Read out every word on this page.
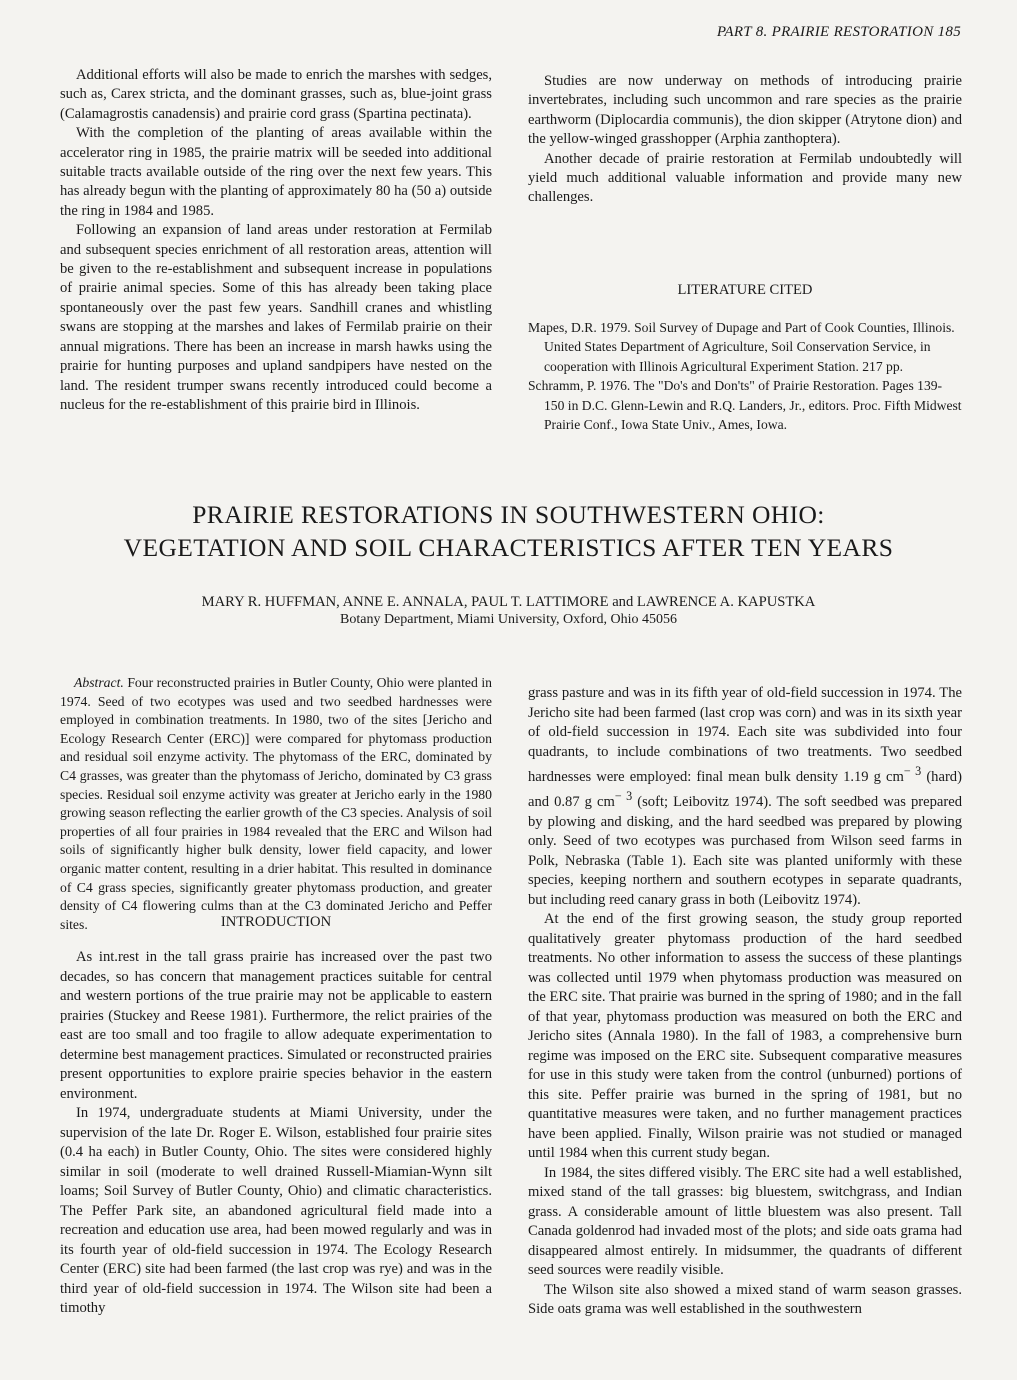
PART 8. PRAIRIE RESTORATION 185

Additional efforts will also be made to enrich the marshes with sedges, such as, Carex stricta, and the dominant grasses, such as, blue-joint grass (Calamagrostis canadensis) and prairie cord grass (Spartina pectinata).

With the completion of the planting of areas available within the accelerator ring in 1985, the prairie matrix will be seeded into additional suitable tracts available outside of the ring over the next few years. This has already begun with the planting of approximately 80 ha (50 a) outside the ring in 1984 and 1985.

Following an expansion of land areas under restoration at Fermilab and subsequent species enrichment of all restoration areas, attention will be given to the re-establishment and subsequent increase in populations of prairie animal species. Some of this has already been taking place spontaneously over the past few years. Sandhill cranes and whistling swans are stopping at the marshes and lakes of Fermilab prairie on their annual migrations. There has been an increase in marsh hawks using the prairie for hunting purposes and upland sandpipers have nested on the land. The resident trumper swans recently introduced could become a nucleus for the re-establishment of this prairie bird in Illinois.

Studies are now underway on methods of introducing prairie invertebrates, including such uncommon and rare species as the prairie earthworm (Diplocardia communis), the dion skipper (Atrytone dion) and the yellow-winged grasshopper (Arphia zanthoptera).

Another decade of prairie restoration at Fermilab undoubtedly will yield much additional valuable information and provide many new challenges.

LITERATURE CITED

Mapes, D.R. 1979. Soil Survey of Dupage and Part of Cook Counties, Illinois. United States Department of Agriculture, Soil Conservation Service, in cooperation with Illinois Agricultural Experiment Station. 217 pp.

Schramm, P. 1976. The "Do's and Don'ts" of Prairie Restoration. Pages 139-150 in D.C. Glenn-Lewin and R.Q. Landers, Jr., editors. Proc. Fifth Midwest Prairie Conf., Iowa State Univ., Ames, Iowa.

PRAIRIE RESTORATIONS IN SOUTHWESTERN OHIO:
VEGETATION AND SOIL CHARACTERISTICS AFTER TEN YEARS
MARY R. HUFFMAN, ANNE E. ANNALA, PAUL T. LATTIMORE and LAWRENCE A. KAPUSTKA
Botany Department, Miami University, Oxford, Ohio 45056

Abstract. Four reconstructed prairies in Butler County, Ohio were planted in 1974. Seed of two ecotypes was used and two seedbed hardnesses were employed in combination treatments. In 1980, two of the sites [Jericho and Ecology Research Center (ERC)] were compared for phytomass production and residual soil enzyme activity. The phytomass of the ERC, dominated by C4 grasses, was greater than the phytomass of Jericho, dominated by C3 grass species. Residual soil enzyme activity was greater at Jericho early in the 1980 growing season reflecting the earlier growth of the C3 species. Analysis of soil properties of all four prairies in 1984 revealed that the ERC and Wilson had soils of significantly higher bulk density, lower field capacity, and lower organic matter content, resulting in a drier habitat. This resulted in dominance of C4 grass species, significantly greater phytomass production, and greater density of C4 flowering culms than at the C3 dominated Jericho and Peffer sites.	INTRODUCTION

As int.rest in the tall grass prairie has increased over the past two decades, so has concern that management practices suitable for central and western portions of the true prairie may not be applicable to eastern prairies (Stuckey and Reese 1981). Furthermore, the relict prairies of the east are too small and too fragile to allow adequate experimentation to determine best management practices. Simulated or reconstructed prairies present opportunities to explore prairie species behavior in the eastern environment.

In 1974, undergraduate students at Miami University, under the supervision of the late Dr. Roger E. Wilson, established four prairie sites (0.4 ha each) in Butler County, Ohio. The sites were considered highly similar in soil (moderate to well drained Russell-Miamian-Wynn silt loams; Soil Survey of Butler County, Ohio) and climatic characteristics. The Peffer Park site, an abandoned agricultural field made into a recreation and education use area, had been mowed regularly and was in its fourth year of old-field succession in 1974. The Ecology Research Center (ERC) site had been farmed (the last crop was rye) and was in the third year of old-field succession in 1974. The Wilson site had been a timothy

grass pasture and was in its fifth year of old-field succession in 1974. The Jericho site had been farmed (last crop was corn) and was in its sixth year of old-field succession in 1974. Each site was subdivided into four quadrants, to include combinations of two treatments. Two seedbed hardnesses were employed: final mean bulk density 1.19 g $cm^{- 3}$ (hard) and 0.87 g $cm^{- 3}$ (soft; Leibovitz 1974). The soft seedbed was prepared by plowing and disking, and the hard seedbed was prepared by plowing only. Seed of two ecotypes was purchased from Wilson seed farms in Polk, Nebraska (Table 1). Each site was planted uniformly with these species, keeping northern and southern ecotypes in separate quadrants, but including reed canary grass in both (Leibovitz 1974).

At the end of the first growing season, the study group reported qualitatively greater phytomass production of the hard seedbed treatments. No other information to assess the success of these plantings was collected until 1979 when phytomass production was measured on the ERC site. That prairie was burned in the spring of 1980; and in the fall of that year, phytomass production was measured on both the ERC and Jericho sites (Annala 1980). In the fall of 1983, a comprehensive burn regime was imposed on the ERC site. Subsequent comparative measures for use in this study were taken from the control (unburned) portions of this site. Peffer prairie was burned in the spring of 1981, but no quantitative measures were taken, and no further management practices have been applied. Finally, Wilson prairie was not studied or managed until 1984 when this current study began.

In 1984, the sites differed visibly. The ERC site had a well established, mixed stand of the tall grasses: big bluestem, switchgrass, and Indian grass. A considerable amount of little bluestem was also present. Tall Canada goldenrod had invaded most of the plots; and side oats grama had disappeared almost entirely. In midsummer, the quadrants of different seed sources were readily visible.

The Wilson site also showed a mixed stand of warm season grasses. Side oats grama was well established in the southwestern
